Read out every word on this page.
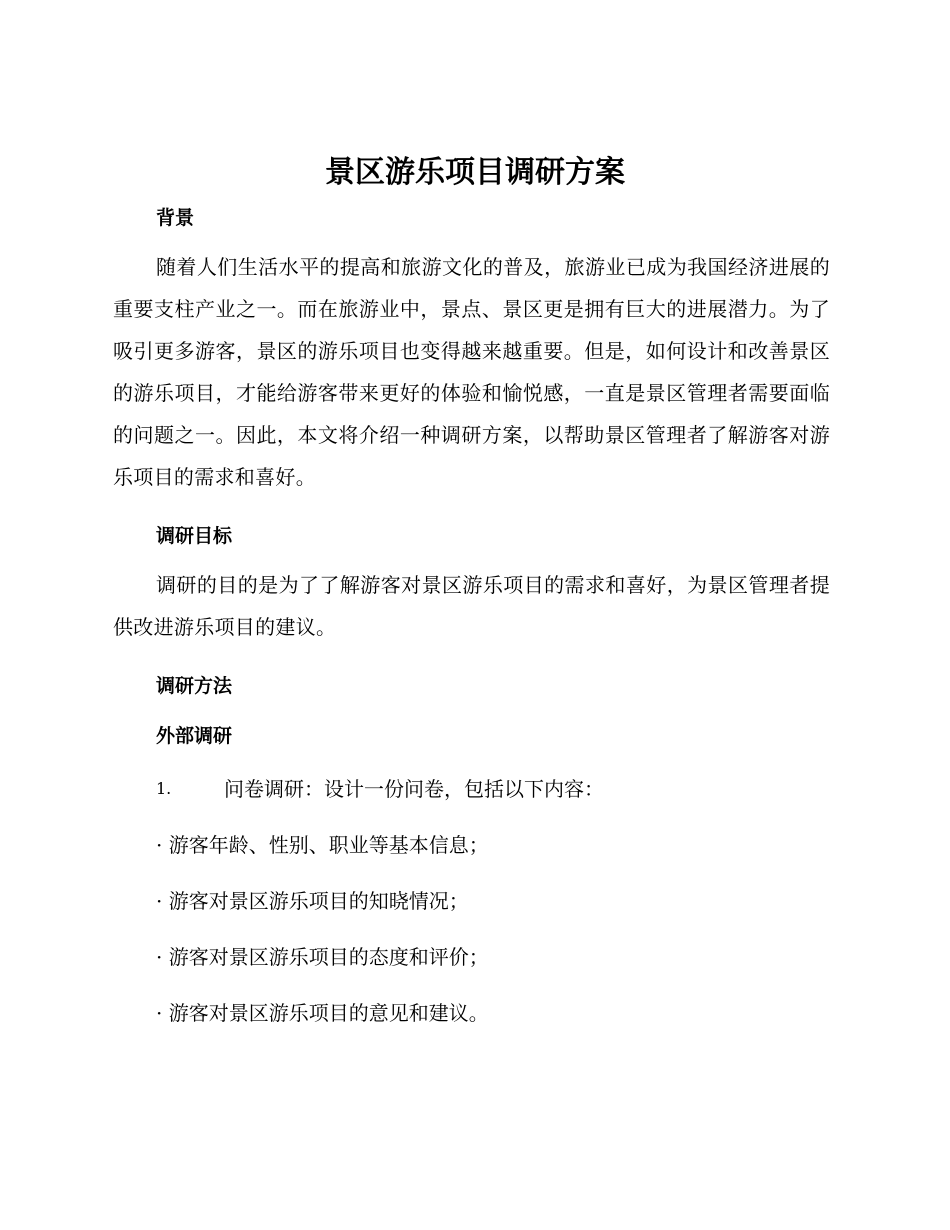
景区游乐项目调研方案
背景

随着人们生活水平的提高和旅游文化的普及，旅游业已成为我国经济进展的重要支柱产业之一。而在旅游业中，景点、景区更是拥有巨大的进展潜力。为了吸引更多游客，景区的游乐项目也变得越来越重要。但是，如何设计和改善景区的游乐项目，才能给游客带来更好的体验和愉悦感，一直是景区管理者需要面临的问题之一。因此，本文将介绍一种调研方案，以帮助景区管理者了解游客对游乐项目的需求和喜好。

调研目标

调研的目的是为了了解游客对景区游乐项目的需求和喜好，为景区管理者提供改进游乐项目的建议。

调研方法
外部调研

1.	问卷调研：设计一份问卷，包括以下内容：

· 游客年龄、性别、职业等基本信息；

· 游客对景区游乐项目的知晓情况；

· 游客对景区游乐项目的态度和评价；

· 游客对景区游乐项目的意见和建议。
